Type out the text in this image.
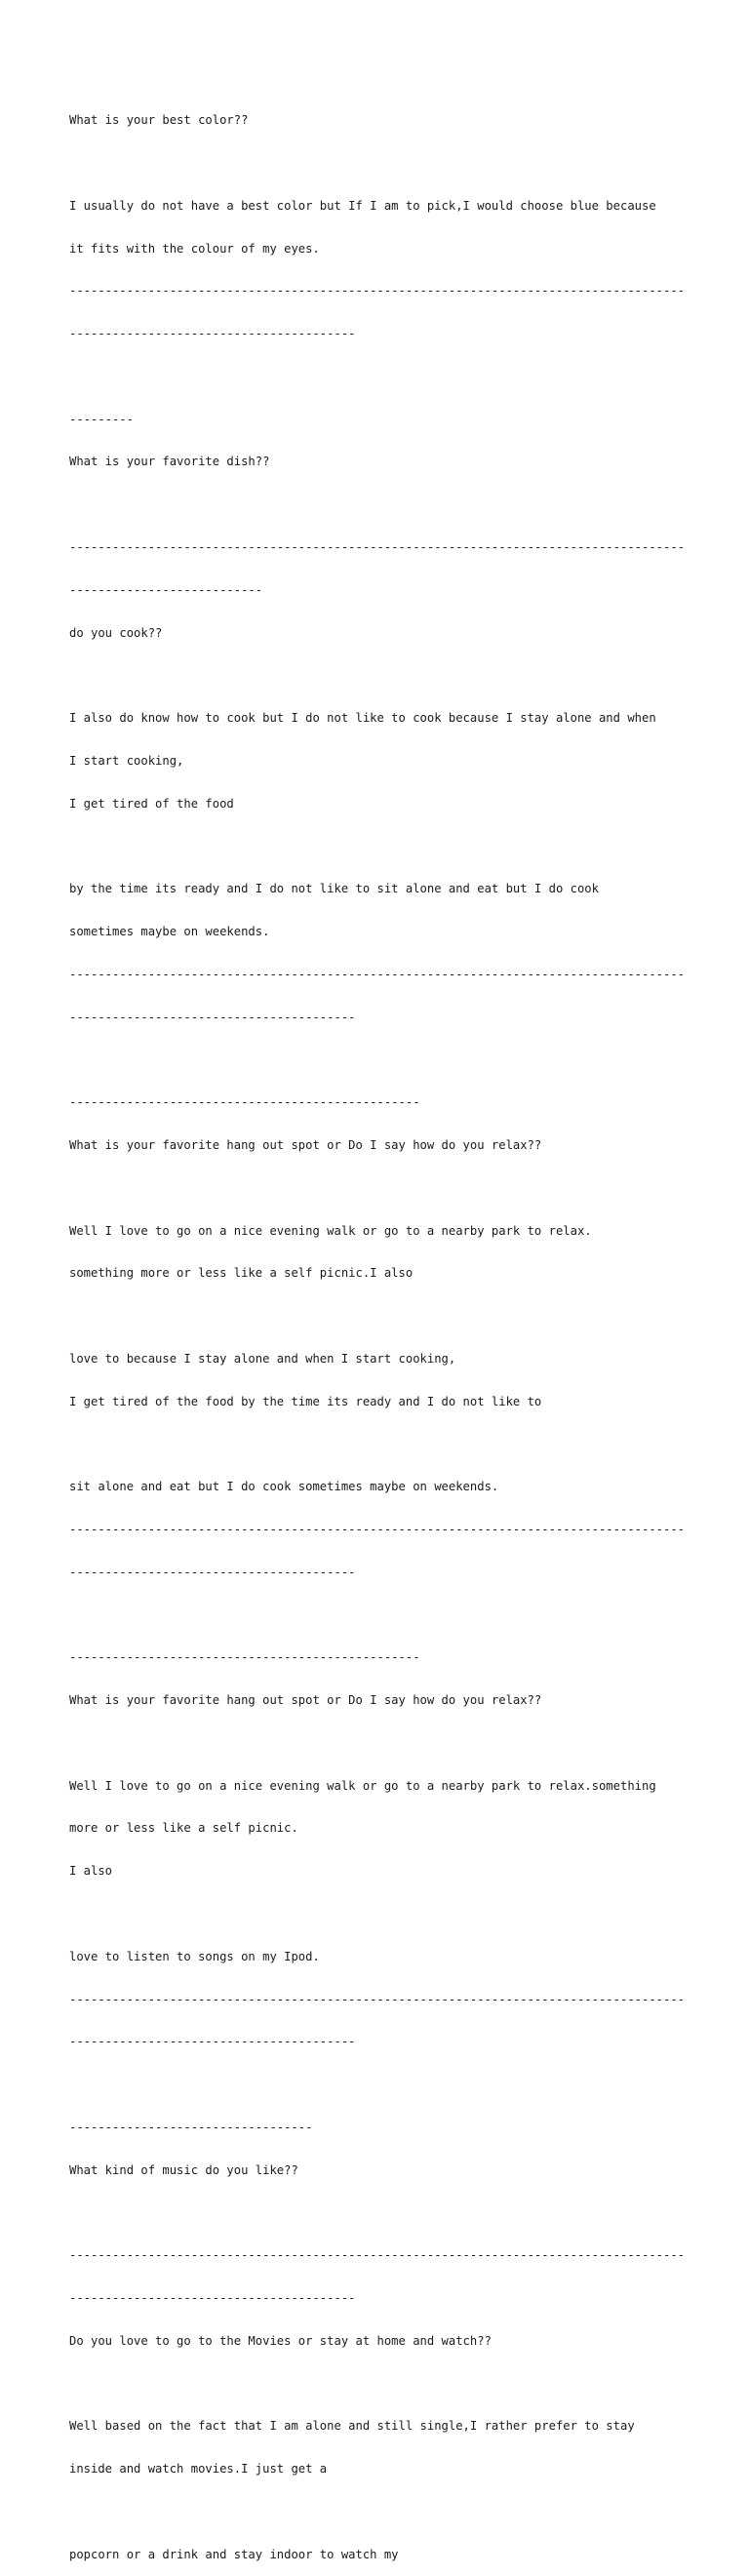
What is your best color??

I usually do not have a best color but If I am to pick,I would choose blue because

it fits with the colour of my eyes.

--------------------------------------------------------------------------------------

----------------------------------------

---------

What is your favorite dish??

--------------------------------------------------------------------------------------

---------------------------

do you cook??

I also do know how to cook but I do not like to cook because I stay alone and when

I start cooking,

I get tired of the food

by the time its ready and I do not like to sit alone and eat but I do cook

sometimes maybe on weekends.

--------------------------------------------------------------------------------------

----------------------------------------

-------------------------------------------------

What is your favorite hang out spot or Do I say how do you relax??

Well I love to go on a nice evening walk or go to a nearby park to relax.

something more or less like a self picnic.I also

love to because I stay alone and when I start cooking,

I get tired of the food by the time its ready and I do not like to

sit alone and eat but I do cook sometimes maybe on weekends.

--------------------------------------------------------------------------------------

----------------------------------------

-------------------------------------------------

What is your favorite hang out spot or Do I say how do you relax??

Well I love to go on a nice evening walk or go to a nearby park to relax.something

more or less like a self picnic.

I also

love to listen to songs on my Ipod.

--------------------------------------------------------------------------------------

----------------------------------------

----------------------------------

What kind of music do you like??

--------------------------------------------------------------------------------------

----------------------------------------

Do you love to go to the Movies or stay at home and watch??

Well based on the fact that I am alone and still single,I rather prefer to stay

inside and watch movies.I just get a

popcorn or a drink and stay indoor to watch my
